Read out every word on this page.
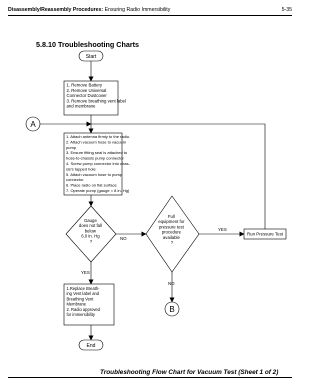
Disassembly/Reassembly Procedures: Ensuring Radio Immersibility	5-35
5.8.10 Troubleshooting Charts
Start
1. Remove Battery 2. Remove Universal Connector Dustcover 3. Remove breathing vent label and membrane
A
1. Attach antenna firmly to the radio. 2. Attach vacuum hose to vacuum pump 3. Ensure fitting seal is attached to hose-to-chassis pump connector 4. Screw pump connector into chas- sis's tapped hole 5. Attach vacuum hose to pump connector 6. Place radio on flat surface 7. Operate pump (gauge = 8 in. Hg)
Gauge does not fall below 6.0 in. Hg ?
NO
YES
Full equipment for pressure test procedure available ?
YES
Run Pressure Test
NO
B
1.Replace Breath- ing Vent label and Breathing Vent Membrane 2. Radio approved for immersibility
End
Troubleshooting Flow Chart for Vacuum Test (Sheet 1 of 2)
